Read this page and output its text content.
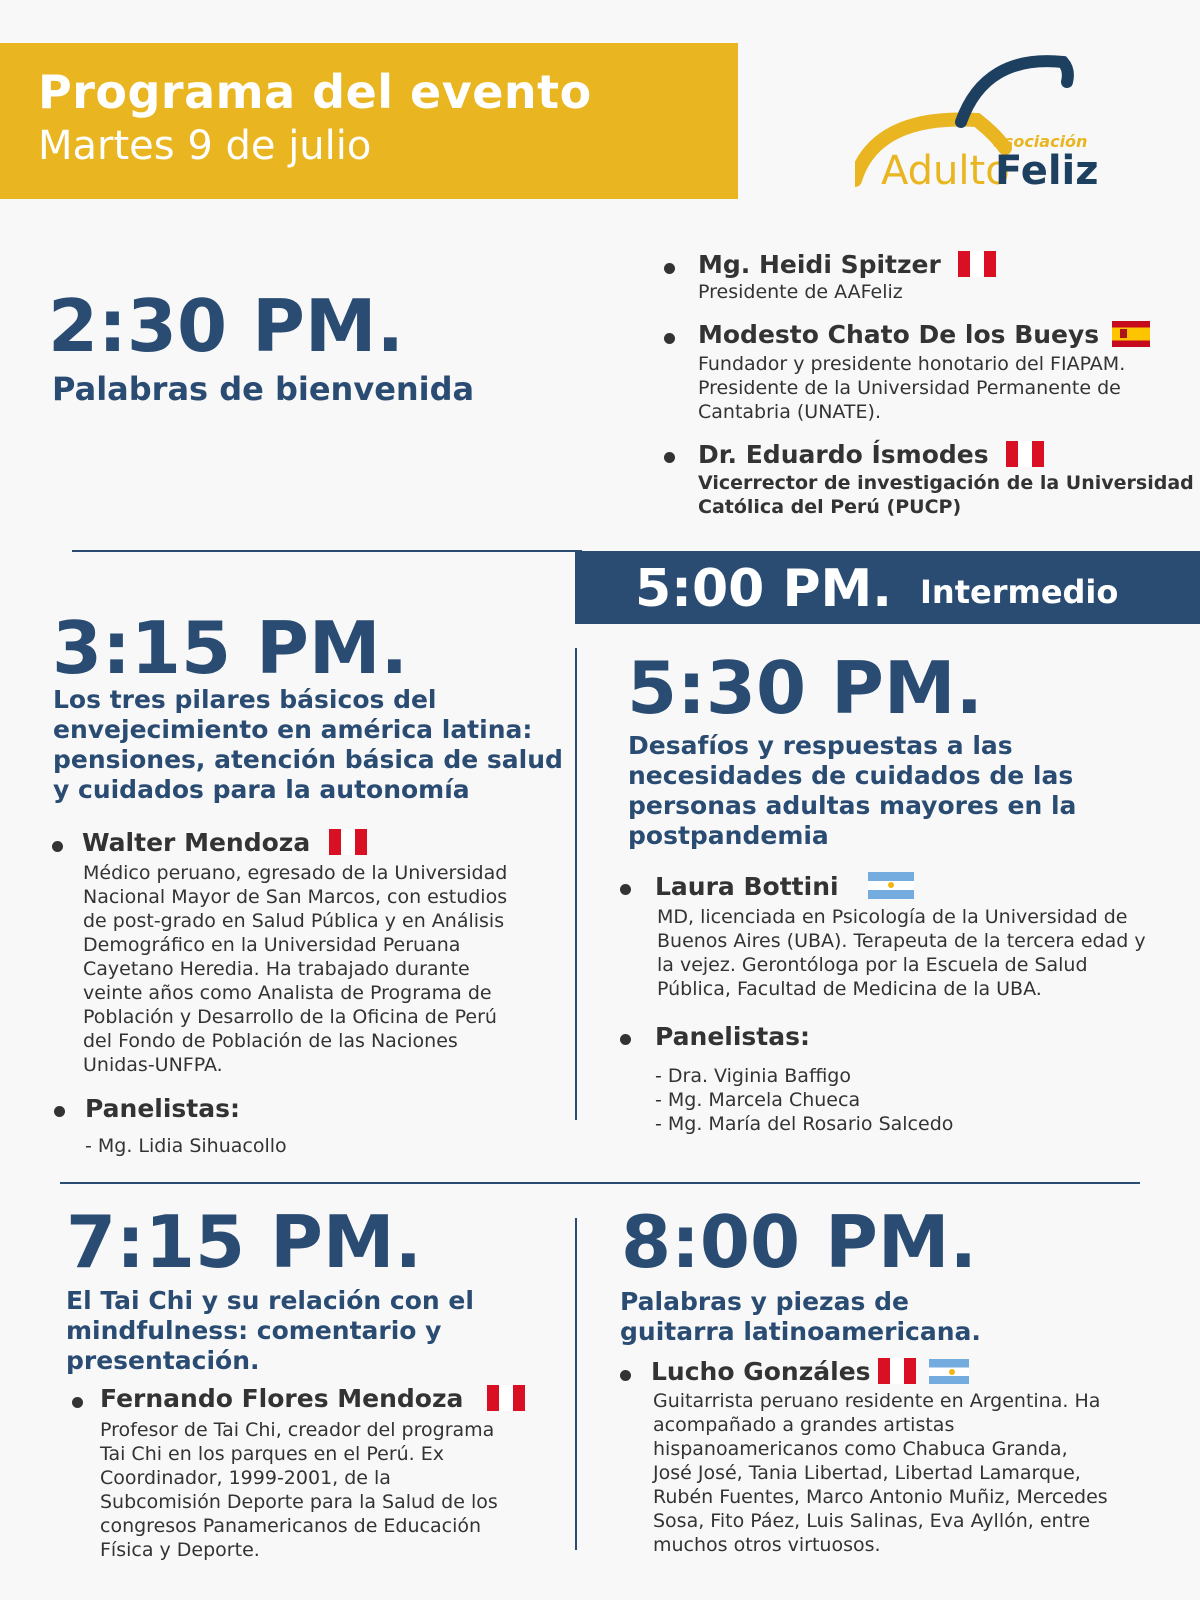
Programa del evento
Martes 9 de julio	asociación
Adulto
Feliz
2:30 PM.
Palabras de bienvenida
Mg. Heidi Spitzer
Presidente de AAFeliz
Modesto Chato De los Bueys
Fundador y presidente honotario del FIAPAM.
Presidente de la Universidad Permanente de
Cantabria (UNATE).
Dr. Eduardo Ísmodes
Vicerrector de investigación de la Universidad
Católica del Perú (PUCP)
5:00 PM. Intermedio
3:15 PM.
Los tres pilares básicos del
envejecimiento en américa latina:
pensiones, atención básica de salud
y cuidados para la autonomía
Walter Mendoza
Médico peruano, egresado de la Universidad
Nacional Mayor de San Marcos, con estudios
de post-grado en Salud Pública y en Análisis
Demográfico en la Universidad Peruana
Cayetano Heredia. Ha trabajado durante
veinte años como Analista de Programa de
Población y Desarrollo de la Oficina de Perú
del Fondo de Población de las Naciones
Unidas-UNFPA.
Panelistas:
- Mg. Lidia Sihuacollo
5:30 PM.
Desafíos y respuestas a las
necesidades de cuidados de las
personas adultas mayores en la
postpandemia
Laura Bottini
MD, licenciada en Psicología de la Universidad de
Buenos Aires (UBA). Terapeuta de la tercera edad y
la vejez. Gerontóloga por la Escuela de Salud
Pública, Facultad de Medicina de la UBA.
Panelistas:
- Dra. Viginia Baffigo
- Mg. Marcela Chueca
- Mg. María del Rosario Salcedo
7:15 PM.
El Tai Chi y su relación con el
mindfulness: comentario y
presentación.
Fernando Flores Mendoza
Profesor de Tai Chi, creador del programa
Tai Chi en los parques en el Perú. Ex
Coordinador, 1999-2001, de la
Subcomisión Deporte para la Salud de los
congresos Panamericanos de Educación
Física y Deporte.
8:00 PM.
Palabras y piezas de
guitarra latinoamericana.
Lucho Gonzáles
Guitarrista peruano residente en Argentina. Ha
acompañado a grandes artistas
hispanoamericanos como Chabuca Granda,
José José, Tania Libertad, Libertad Lamarque,
Rubén Fuentes, Marco Antonio Muñiz, Mercedes
Sosa, Fito Páez, Luis Salinas, Eva Ayllón, entre
muchos otros virtuosos.
